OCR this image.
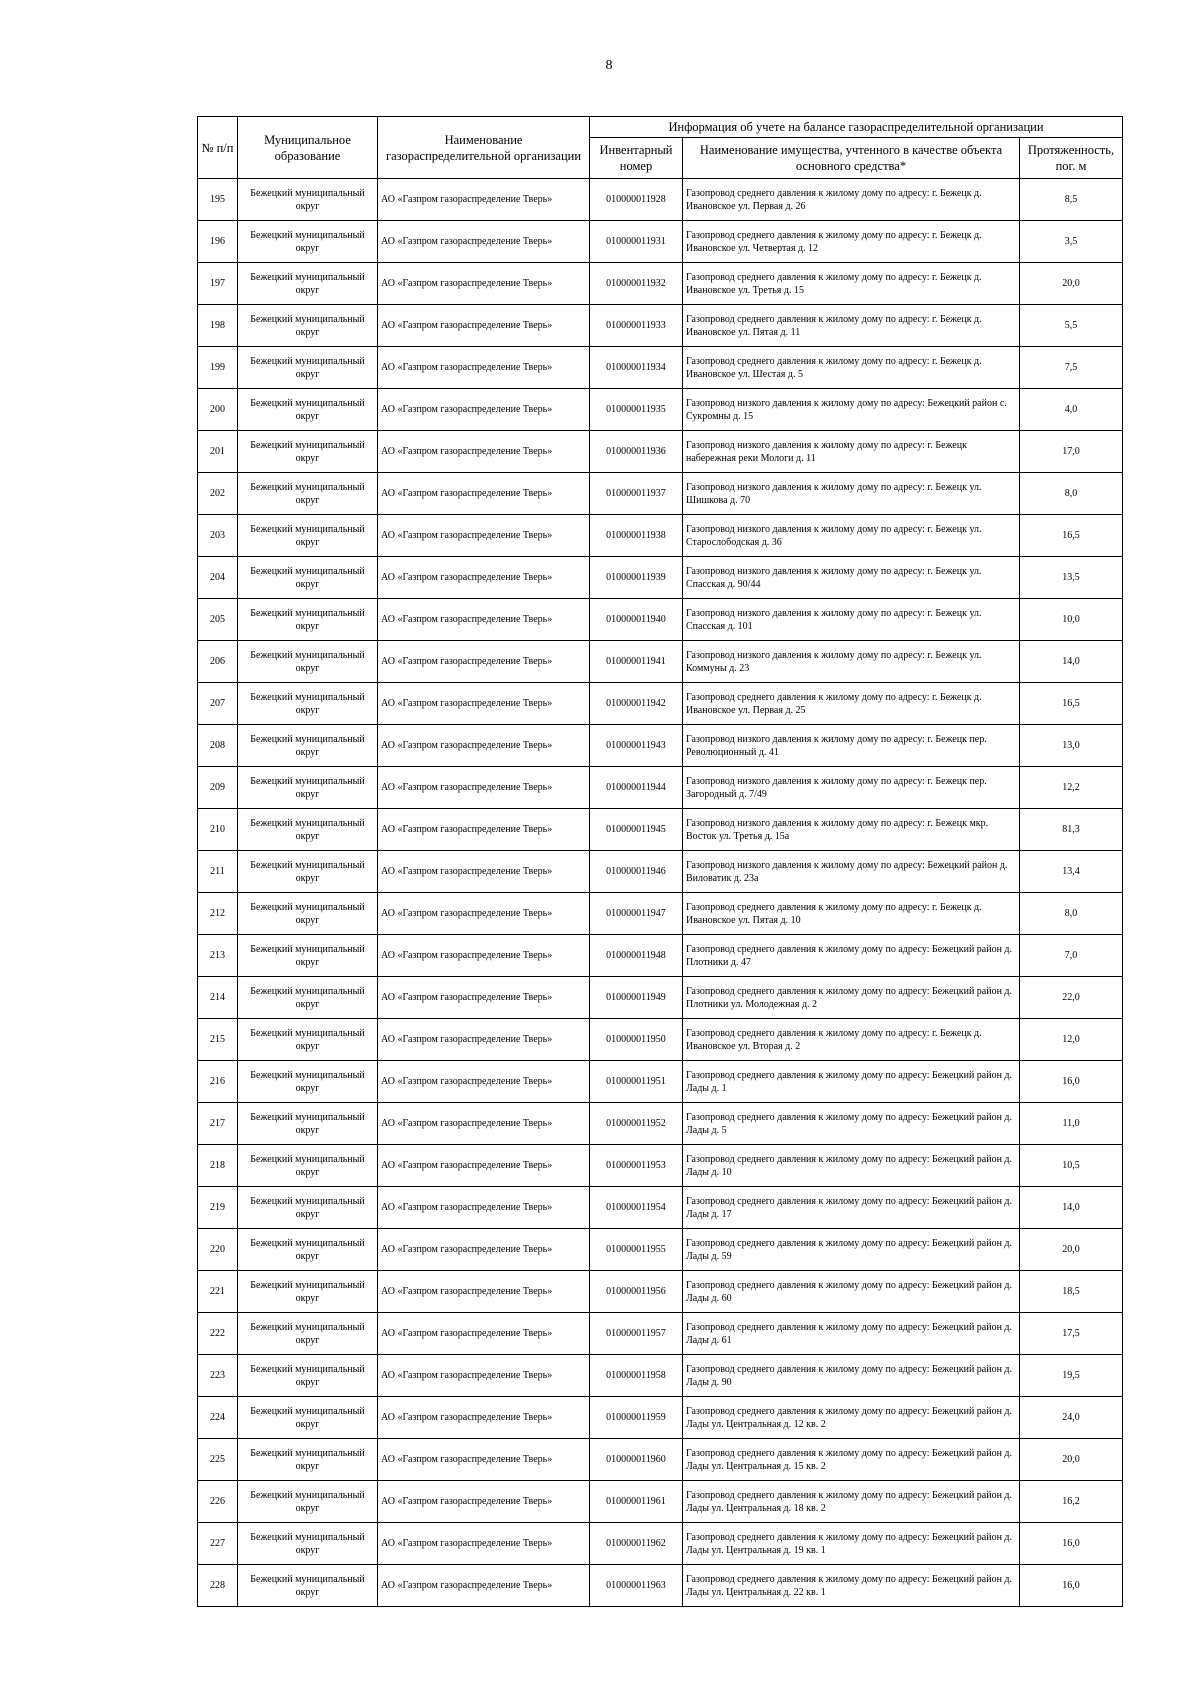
8
№ п/п	Муниципальное образование	Наименование газораспределительной организации	Информация об учете на балансе газораспределительной организации		
			Инвентарный номер	Наименование имущества, учтенного в качестве объекта основного средства*	Протяженность, пог. м
195	Бежецкий муниципальный округ	АО «Газпром газораспределение Тверь»	010000011928	Газопровод среднего давления к жилому дому по адресу: г. Бежецк д. Ивановское ул. Первая д. 26	8,5
196	Бежецкий муниципальный округ	АО «Газпром газораспределение Тверь»	010000011931	Газопровод среднего давления к жилому дому по адресу: г. Бежецк д. Ивановское ул. Четвертая д. 12	3,5
197	Бежецкий муниципальный округ	АО «Газпром газораспределение Тверь»	010000011932	Газопровод среднего давления к жилому дому по адресу: г. Бежецк д. Ивановское ул. Третья д. 15	20,0
198	Бежецкий муниципальный округ	АО «Газпром газораспределение Тверь»	010000011933	Газопровод среднего давления к жилому дому по адресу: г. Бежецк д. Ивановское ул. Пятая д. 11	5,5
199	Бежецкий муниципальный округ	АО «Газпром газораспределение Тверь»	010000011934	Газопровод среднего давления к жилому дому по адресу: г. Бежецк д. Ивановское ул. Шестая д. 5	7,5
200	Бежецкий муниципальный округ	АО «Газпром газораспределение Тверь»	010000011935	Газопровод низкого давления к жилому дому по адресу: Бежецкий район с. Сукромны д. 15	4,0
201	Бежецкий муниципальный округ	АО «Газпром газораспределение Тверь»	010000011936	Газопровод низкого давления к жилому дому по адресу: г. Бежецк набережная реки Мологи д. 11	17,0
202	Бежецкий муниципальный округ	АО «Газпром газораспределение Тверь»	010000011937	Газопровод низкого давления к жилому дому по адресу: г. Бежецк ул. Шишкова д. 70	8,0
203	Бежецкий муниципальный округ	АО «Газпром газораспределение Тверь»	010000011938	Газопровод низкого давления к жилому дому по адресу: г. Бежецк ул. Старослободская д. 36	16,5
204	Бежецкий муниципальный округ	АО «Газпром газораспределение Тверь»	010000011939	Газопровод низкого давления к жилому дому по адресу: г. Бежецк ул. Спасская д. 90/44	13,5
205	Бежецкий муниципальный округ	АО «Газпром газораспределение Тверь»	010000011940	Газопровод низкого давления к жилому дому по адресу: г. Бежецк ул. Спасская д. 101	10,0
206	Бежецкий муниципальный округ	АО «Газпром газораспределение Тверь»	010000011941	Газопровод низкого давления к жилому дому по адресу: г. Бежецк ул. Коммуны д. 23	14,0
207	Бежецкий муниципальный округ	АО «Газпром газораспределение Тверь»	010000011942	Газопровод среднего давления к жилому дому по адресу: г. Бежецк д. Ивановское ул. Первая д. 25	16,5
208	Бежецкий муниципальный округ	АО «Газпром газораспределение Тверь»	010000011943	Газопровод низкого давления к жилому дому по адресу: г. Бежецк пер. Революционный д. 41	13,0
209	Бежецкий муниципальный округ	АО «Газпром газораспределение Тверь»	010000011944	Газопровод низкого давления к жилому дому по адресу: г. Бежецк пер. Загородный д. 7/49	12,2
210	Бежецкий муниципальный округ	АО «Газпром газораспределение Тверь»	010000011945	Газопровод низкого давления к жилому дому по адресу: г. Бежецк мкр. Восток ул. Третья д. 15а	81,3
211	Бежецкий муниципальный округ	АО «Газпром газораспределение Тверь»	010000011946	Газопровод низкого давления к жилому дому по адресу: Бежецкий район д. Виловатик д. 23а	13,4
212	Бежецкий муниципальный округ	АО «Газпром газораспределение Тверь»	010000011947	Газопровод среднего давления к жилому дому по адресу: г. Бежецк д. Ивановское ул. Пятая д. 10	8,0
213	Бежецкий муниципальный округ	АО «Газпром газораспределение Тверь»	010000011948	Газопровод среднего давления к жилому дому по адресу: Бежецкий район д. Плотники д. 47	7,0
214	Бежецкий муниципальный округ	АО «Газпром газораспределение Тверь»	010000011949	Газопровод среднего давления к жилому дому по адресу: Бежецкий район д. Плотники ул. Молодежная д. 2	22,0
215	Бежецкий муниципальный округ	АО «Газпром газораспределение Тверь»	010000011950	Газопровод среднего давления к жилому дому по адресу: г. Бежецк д. Ивановское ул. Вторая д. 2	12,0
216	Бежецкий муниципальный округ	АО «Газпром газораспределение Тверь»	010000011951	Газопровод среднего давления к жилому дому по адресу: Бежецкий район д. Лады д. 1	16,0
217	Бежецкий муниципальный округ	АО «Газпром газораспределение Тверь»	010000011952	Газопровод среднего давления к жилому дому по адресу: Бежецкий район д. Лады д. 5	11,0
218	Бежецкий муниципальный округ	АО «Газпром газораспределение Тверь»	010000011953	Газопровод среднего давления к жилому дому по адресу: Бежецкий район д. Лады д. 10	10,5
219	Бежецкий муниципальный округ	АО «Газпром газораспределение Тверь»	010000011954	Газопровод среднего давления к жилому дому по адресу: Бежецкий район д. Лады д. 17	14,0
220	Бежецкий муниципальный округ	АО «Газпром газораспределение Тверь»	010000011955	Газопровод среднего давления к жилому дому по адресу: Бежецкий район д. Лады д. 59	20,0
221	Бежецкий муниципальный округ	АО «Газпром газораспределение Тверь»	010000011956	Газопровод среднего давления к жилому дому по адресу: Бежецкий район д. Лады д. 60	18,5
222	Бежецкий муниципальный округ	АО «Газпром газораспределение Тверь»	010000011957	Газопровод среднего давления к жилому дому по адресу: Бежецкий район д. Лады д. 61	17,5
223	Бежецкий муниципальный округ	АО «Газпром газораспределение Тверь»	010000011958	Газопровод среднего давления к жилому дому по адресу: Бежецкий район д. Лады д. 90	19,5
224	Бежецкий муниципальный округ	АО «Газпром газораспределение Тверь»	010000011959	Газопровод среднего давления к жилому дому по адресу: Бежецкий район д. Лады ул. Центральная д. 12 кв. 2	24,0
225	Бежецкий муниципальный округ	АО «Газпром газораспределение Тверь»	010000011960	Газопровод среднего давления к жилому дому по адресу: Бежецкий район д. Лады ул. Центральная д. 15 кв. 2	20,0
226	Бежецкий муниципальный округ	АО «Газпром газораспределение Тверь»	010000011961	Газопровод среднего давления к жилому дому по адресу: Бежецкий район д. Лады ул. Центральная д. 18 кв. 2	16,2
227	Бежецкий муниципальный округ	АО «Газпром газораспределение Тверь»	010000011962	Газопровод среднего давления к жилому дому по адресу: Бежецкий район д. Лады ул. Центральная д. 19 кв. 1	16,0
228	Бежецкий муниципальный округ	АО «Газпром газораспределение Тверь»	010000011963	Газопровод среднего давления к жилому дому по адресу: Бежецкий район д. Лады ул. Центральная д. 22 кв. 1	16,0
